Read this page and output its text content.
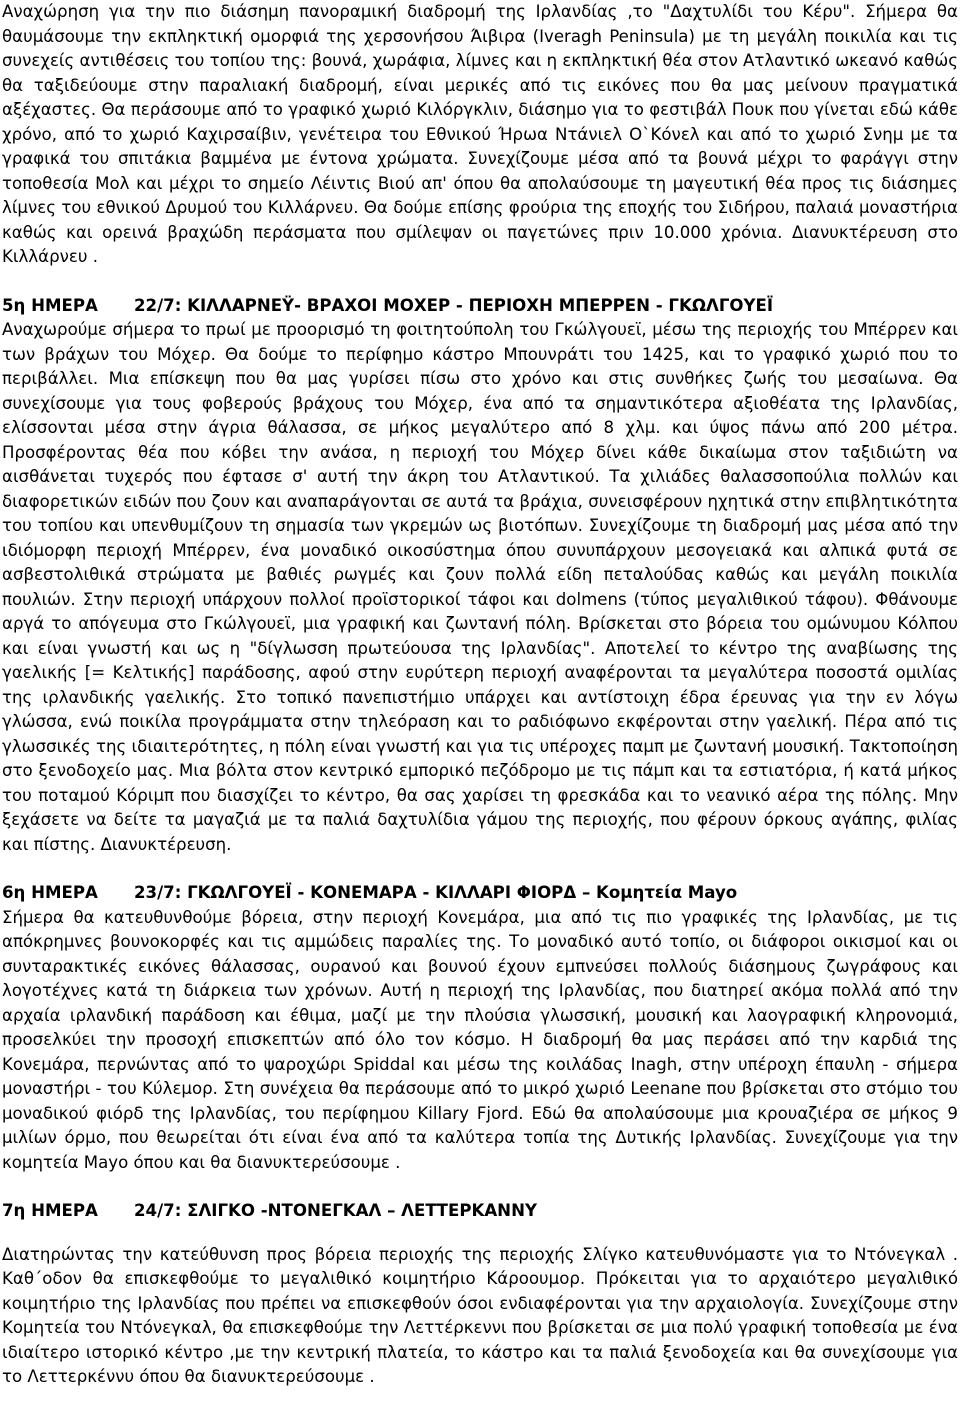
Αναχώρηση για την πιο διάσημη πανοραμική διαδρομή της Ιρλανδίας ,το "Δαχτυλίδι του Κέρυ". Σήμερα θα θαυμάσουμε την εκπληκτική ομορφιά της χερσονήσου Άιβιρα (Iveragh Peninsula) με τη μεγάλη ποικιλία και τις συνεχείς αντιθέσεις του τοπίου της: βουνά, χωράφια, λίμνες και η εκπληκτική θέα στον Ατλαντικό ωκεανό καθώς θα ταξιδεύουμε στην παραλιακή διαδρομή, είναι μερικές από τις εικόνες που θα μας μείνουν πραγματικά αξέχαστες. Θα περάσουμε από το γραφικό χωριό Κιλόργκλιν, διάσημο για το φεστιβάλ Πουκ που γίνεται εδώ κάθε χρόνο, από το χωριό Καχιρσαίβιν, γενέτειρα του Εθνικού Ήρωα Ντάνιελ Ο`Κόνελ και από το χωριό Σνημ με τα γραφικά του σπιτάκια βαμμένα με έντονα χρώματα. Συνεχίζουμε μέσα από τα βουνά μέχρι το φαράγγι στην τοποθεσία Μολ και μέχρι το σημείο Λέιντις Βιού απ' όπου θα απολαύσουμε τη μαγευτική θέα προς τις διάσημες λίμνες του εθνικού Δρυμού του Κιλλάρνευ. Θα δούμε επίσης φρούρια της εποχής του Σιδήρου, παλαιά μοναστήρια καθώς και ορεινά βραχώδη περάσματα που σμίλεψαν οι παγετώνες πριν 10.000 χρόνια. Διανυκτέρευση στο Κιλλάρνευ .

5η ΗΜΕΡΑ 22/7: ΚΙΛΛΑΡΝΕΫ- ΒΡΑΧΟΙ ΜΟΧΕΡ - ΠΕΡΙΟΧΗ ΜΠΕΡΡΕΝ - ΓΚΩΛΓΟΥΕΪ

Αναχωρούμε σήμερα το πρωί με προορισμό τη φοιτητούπολη του Γκώλγουεϊ, μέσω της περιοχής του Μπέρρεν και των βράχων του Μόχερ. Θα δούμε το περίφημο κάστρο Μπουνράτι του 1425, και το γραφικό χωριό που το περιβάλλει. Μια επίσκεψη που θα μας γυρίσει πίσω στο χρόνο και στις συνθήκες ζωής του μεσαίωνα. Θα συνεχίσουμε για τους φοβερούς βράχους του Μόχερ, ένα από τα σημαντικότερα αξιοθέατα της Ιρλανδίας, ελίσσονται μέσα στην άγρια θάλασσα, σε μήκος μεγαλύτερο από 8 χλμ. και ύψος πάνω από 200 μέτρα. Προσφέροντας θέα που κόβει την ανάσα, η περιοχή του Μόχερ δίνει κάθε δικαίωμα στον ταξιδιώτη να αισθάνεται τυχερός που έφτασε σ' αυτή την άκρη του Ατλαντικού. Τα χιλιάδες θαλασσοπούλια πολλών και διαφορετικών ειδών που ζουν και αναπαράγονται σε αυτά τα βράχια, συνεισφέρουν ηχητικά στην επιβλητικότητα του τοπίου και υπενθυμίζουν τη σημασία των γκρεμών ως βιοτόπων. Συνεχίζουμε τη διαδρομή μας μέσα από την ιδιόμορφη περιοχή Μπέρρεν, ένα μοναδικό οικοσύστημα όπου συνυπάρχουν μεσογειακά και αλπικά φυτά σε ασβεστολιθικά στρώματα με βαθιές ρωγμές και ζουν πολλά είδη πεταλούδας καθώς και μεγάλη ποικιλία πουλιών. Στην περιοχή υπάρχουν πολλοί προϊστορικοί τάφοι και dolmens (τύπος μεγαλιθικού τάφου). Φθάνουμε αργά το απόγευμα στο Γκώλγουεϊ, μια γραφική και ζωντανή πόλη. Βρίσκεται στο βόρεια του ομώνυμου Κόλπου και είναι γνωστή και ως η "δίγλωσση πρωτεύουσα της Ιρλανδίας". Αποτελεί το κέντρο της αναβίωσης της γαελικής [= Κελτικής] παράδοσης, αφού στην ευρύτερη περιοχή αναφέρονται τα μεγαλύτερα ποσοστά ομιλίας της ιρλανδικής γαελικής. Στο τοπικό πανεπιστήμιο υπάρχει και αντίστοιχη έδρα έρευνας για την εν λόγω γλώσσα, ενώ ποικίλα προγράμματα στην τηλεόραση και το ραδιόφωνο εκφέρονται στην γαελική. Πέρα από τις γλωσσικές της ιδιαιτερότητες, η πόλη είναι γνωστή και για τις υπέροχες παμπ με ζωντανή μουσική. Τακτοποίηση στο ξενοδοχείο μας. Μια βόλτα στον κεντρικό εμπορικό πεζόδρομο με τις πάμπ και τα εστιατόρια, ή κατά μήκος του ποταμού Κόριμπ που διασχίζει το κέντρο, θα σας χαρίσει τη φρεσκάδα και το νεανικό αέρα της πόλης. Μην ξεχάσετε να δείτε τα μαγαζιά με τα παλιά δαχτυλίδια γάμου της περιοχής, που φέρουν όρκους αγάπης, φιλίας και πίστης. Διανυκτέρευση.

6η ΗΜΕΡΑ 23/7: ΓΚΩΛΓΟΥΕΪ - ΚΟΝΕΜΑΡΑ - ΚΙΛΛΑΡΙ ΦΙΟΡΔ – Κομητεία Mayo

Σήμερα θα κατευθυνθούμε βόρεια, στην περιοχή Κονεμάρα, μια από τις πιο γραφικές της Ιρλανδίας, με τις απόκρημνες βουνοκορφές και τις αμμώδεις παραλίες της. Το μοναδικό αυτό τοπίο, οι διάφοροι οικισμοί και οι συνταρακτικές εικόνες θάλασσας, ουρανού και βουνού έχουν εμπνεύσει πολλούς διάσημους ζωγράφους και λογοτέχνες κατά τη διάρκεια των χρόνων. Αυτή η περιοχή της Ιρλανδίας, που διατηρεί ακόμα πολλά από την αρχαία ιρλανδική παράδοση και έθιμα, μαζί με την πλούσια γλωσσική, μουσική και λαογραφική κληρονομιά, προσελκύει την προσοχή επισκεπτών από όλο τον κόσμο. Η διαδρομή θα μας περάσει από την καρδιά της Κονεμάρα, περνώντας από το ψαροχώρι Spiddal και μέσω της κοιλάδας Inagh, στην υπέροχη έπαυλη - σήμερα μοναστήρι - του Κύλεμορ. Στη συνέχεια θα περάσουμε από το μικρό χωριό Leenane που βρίσκεται στο στόμιο του μοναδικού φιόρδ της Ιρλανδίας, του περίφημου Killary Fjord. Εδώ θα απολαύσουμε μια κρουαζιέρα σε μήκος 9 μιλίων όρμο, που θεωρείται ότι είναι ένα από τα καλύτερα τοπία της Δυτικής Ιρλανδίας. Συνεχίζουμε για την κομητεία Mayo όπου και θα διανυκτερεύσουμε .

7η ΗΜΕΡΑ 24/7: ΣΛΙΓΚΟ -ΝΤΟΝΕΓΚΑΛ – ΛΕΤΤΕΡΚΑΝΝΥ

Διατηρώντας την κατεύθυνση προς βόρεια περιοχής της περιοχής Σλίγκο κατευθυνόμαστε για το Ντόνεγκαλ . Καθ΄οδον θα επισκεφθούμε το μεγαλιθικό κοιμητήριο Κάροουμορ. Πρόκειται για το αρχαιότερο μεγαλιθικό κοιμητήριο της Ιρλανδίας που πρέπει να επισκεφθούν όσοι ενδιαφέρονται για την αρχαιολογία. Συνεχίζουμε στην Κομητεία του Ντόνεγκαλ, θα επισκεφθούμε την Λεττέρκεννι που βρίσκεται σε μια πολύ γραφική τοποθεσία με ένα ιδιαίτερο ιστορικό κέντρο ,με την κεντρική πλατεία, το κάστρο και τα παλιά ξενοδοχεία και θα συνεχίσουμε για το Λεττερκέννυ όπου θα διανυκτερεύσουμε .
